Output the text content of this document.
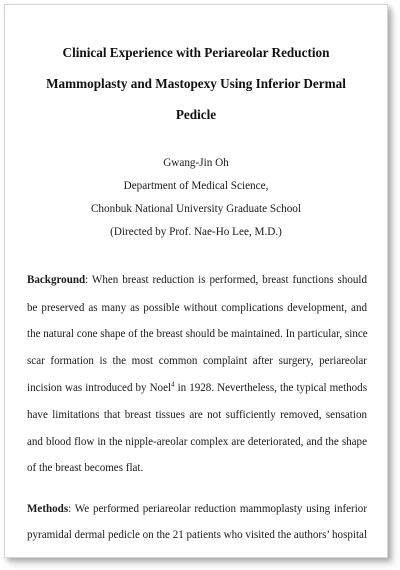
Clinical Experience with Periareolar Reduction
Mammoplasty and Mastopexy Using Inferior Dermal
Pedicle
Gwang-Jin Oh
Department of Medical Science,
Chonbuk National University Graduate School
(Directed by Prof. Nae-Ho Lee, M.D.)
Background: When breast reduction is performed, breast functions should
be preserved as many as possible without complications development, and
the natural cone shape of the breast should be maintained. In particular, since
scar formation is the most common complaint after surgery, periareolar
incision was introduced by Noel$^4$ in 1928. Nevertheless, the typical methods
have limitations that breast tissues are not sufficiently removed, sensation
and blood flow in the nipple-areolar complex are deteriorated, and the shape
of the breast becomes flat.
Methods: We performed periareolar reduction mammoplasty using inferior
pyramidal dermal pedicle on the 21 patients who visited the authors’ hospital
